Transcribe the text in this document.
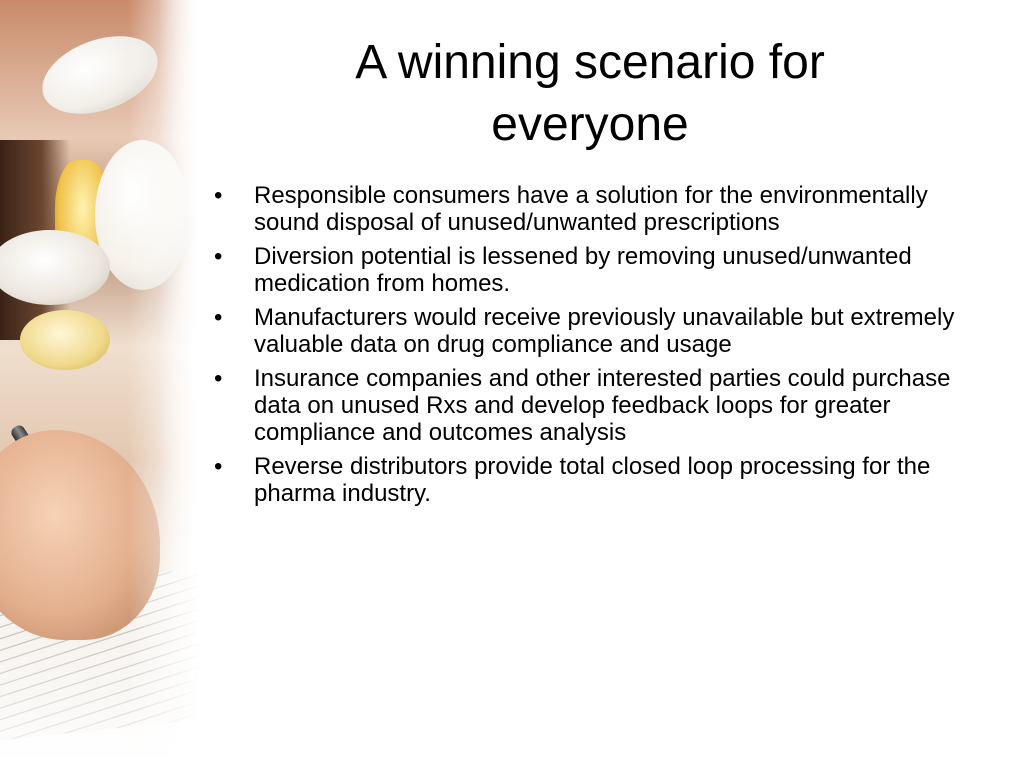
A winning scenario for everyone
• Responsible consumers have a solution for the environmentally sound disposal of unused/unwanted prescriptions
• Diversion potential is lessened by removing unused/unwanted medication from homes.
• Manufacturers would receive previously unavailable but extremely valuable data on drug compliance and usage
• Insurance companies and other interested parties could purchase data on unused Rxs and develop feedback loops for greater compliance and outcomes analysis
• Reverse distributors provide total closed loop processing for the pharma industry.
